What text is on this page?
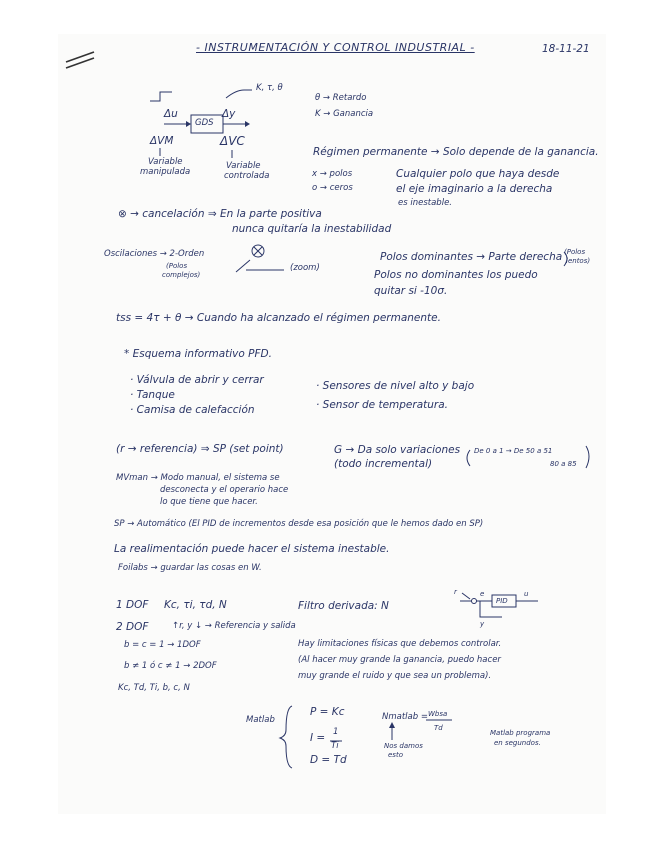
- INSTRUMENTACIÓN Y CONTROL INDUSTRIAL -	18-11-21
K, τ, θ
Δu
GDS
Δy
ΔVM
Variable
manipulada
ΔVC
Variable
controlada
θ → Retardo
K → Ganancia
Régimen permanente → Solo depende de la ganancia.
x → polos
o → ceros
Cualquier polo que haya desde
el eje imaginario a la derecha
es inestable.
⊗ → cancelación ⇒ En la parte positiva
nunca quitaría la inestabilidad
Oscilaciones → 2-Orden
(Polos
complejos)
(zoom)
Polos dominantes → Parte derecha (Polos
lentos)
Polos no dominantes los puedo
quitar si -10σ.
tss = 4τ + θ → Cuando ha alcanzado el régimen permanente.
* Esquema informativo PFD.
· Válvula de abrir y cerrar
· Tanque
· Camisa de calefacción
· Sensores de nivel alto y bajo
· Sensor de temperatura.
(r → referencia) ⇒ SP (set point)	G → Da solo variaciones
(todo incremental)
De 0 a 1 → De 50 a 51
80 a 85
MVman → Modo manual, el sistema se
desconecta y el operario hace
lo que tiene que hacer.
SP → Automático (El PID de incrementos desde esa posición que le hemos dado en SP)
La realimentación puede hacer el sistema inestable.
Foilabs → guardar las cosas en W.
1 DOF Kc, τi, τd, N	Filtro derivada: N
r	e
PID
u
y
2 DOF	↑r, y ↓ → Referencia y salida
b = c = 1 → 1DOF
b ≠ 1 ó c ≠ 1 → 2DOF
Kc, Td, Ti, b, c, N
Hay limitaciones físicas que debemos controlar.
(Al hacer muy grande la ganancia, puedo hacer
muy grande el ruido y que sea un problema).
Matlab
P = Kc
I = 1
Ti
D = Td
Nmatlab = Wbsa
Td
Nos damos
esto
Matlab programa
en segundos.
